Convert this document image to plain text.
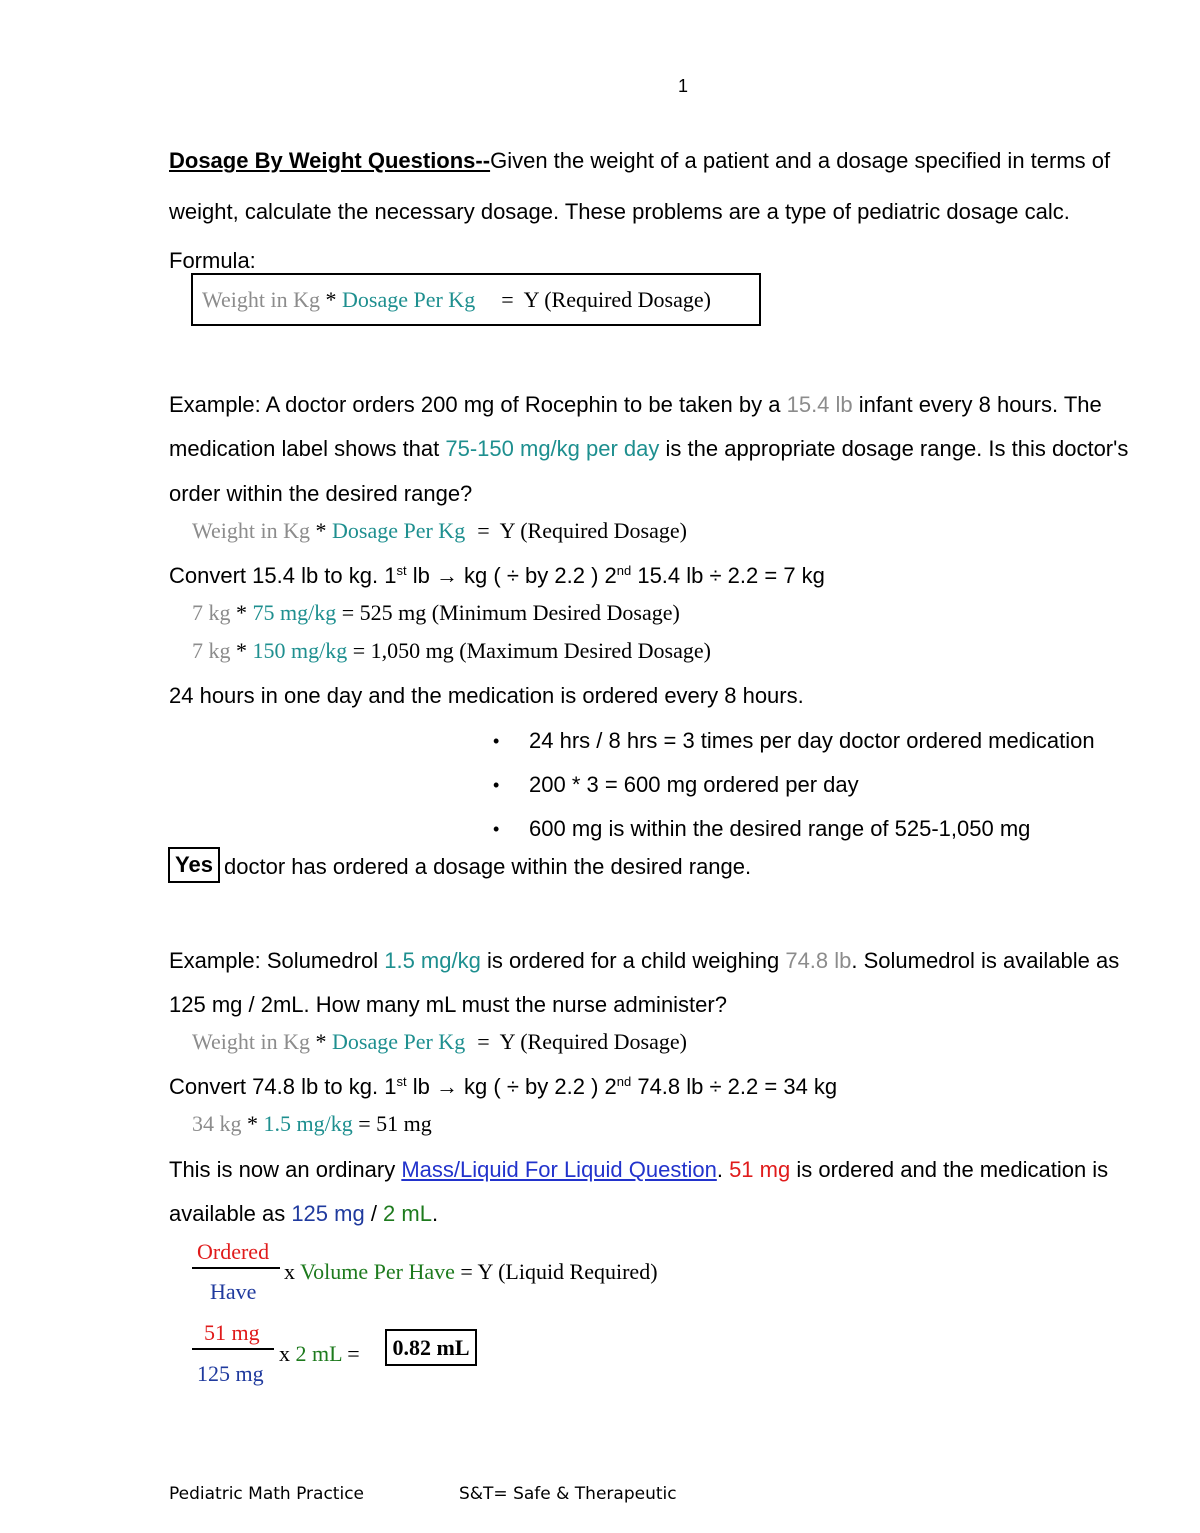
1
Dosage By Weight Questions--Given the weight of a patient and a dosage specified in terms of
weight, calculate the necessary dosage. These problems are a type of pediatric dosage calc.
Formula:
Weight in Kg * Dosage Per Kg = Y (Required Dosage)
Example: A doctor orders 200 mg of Rocephin to be taken by a 15.4 lb infant every 8 hours. The
medication label shows that 75-150 mg/kg per day is the appropriate dosage range. Is this doctor's
order within the desired range?
Weight in Kg * Dosage Per Kg = Y (Required Dosage)
Convert 15.4 lb to kg. 1st lb → kg ( ÷ by 2.2 ) 2nd 15.4 lb ÷ 2.2 = 7 kg
7 kg * 75 mg/kg = 525 mg (Minimum Desired Dosage)
7 kg * 150 mg/kg = 1,050 mg (Maximum Desired Dosage)
24 hours in one day and the medication is ordered every 8 hours.
• 24 hrs / 8 hrs = 3 times per day doctor ordered medication
• 200 * 3 = 600 mg ordered per day
• 600 mg is within the desired range of 525-1,050 mg
Yes doctor has ordered a dosage within the desired range.
Example: Solumedrol 1.5 mg/kg is ordered for a child weighing 74.8 lb. Solumedrol is available as
125 mg / 2mL. How many mL must the nurse administer?
Weight in Kg * Dosage Per Kg = Y (Required Dosage)
Convert 74.8 lb to kg. 1st lb → kg ( ÷ by 2.2 ) 2nd 74.8 lb ÷ 2.2 = 34 kg
34 kg * 1.5 mg/kg = 51 mg
This is now an ordinary Mass/Liquid For Liquid Question. 51 mg is ordered and the medication is
available as 125 mg / 2 mL.
Ordered
Have
x Volume Per Have = Y (Liquid Required)
51 mg
125 mg
x 2 mL =	0.82 mL
Pediatric Math Practice	S&T= Safe & Therapeutic
